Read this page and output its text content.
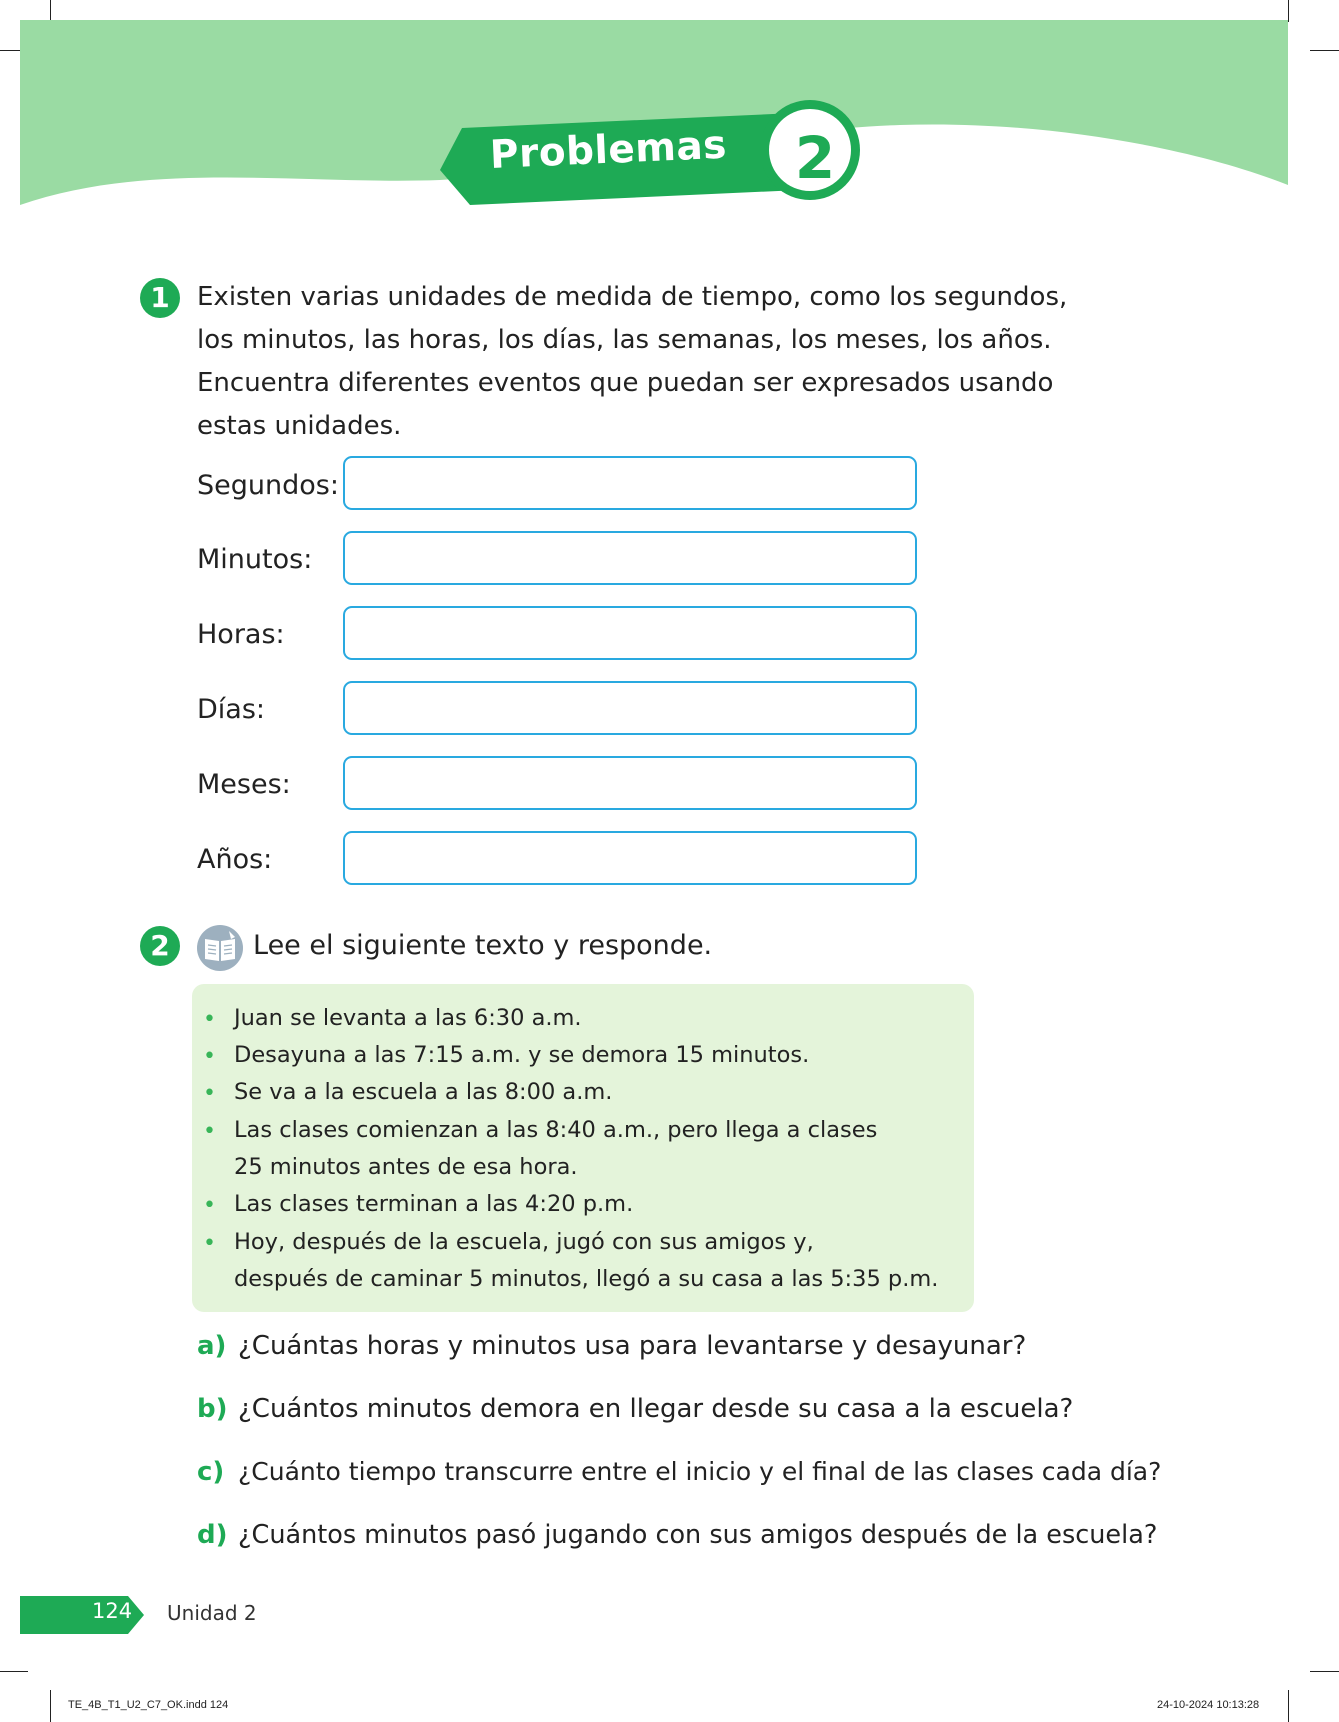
Problemas 2
1	Existen varias unidades de medida de tiempo, como los segundos,
los minutos, las horas, los días, las semanas, los meses, los años.
Encuentra diferentes eventos que puedan ser expresados usando
estas unidades.
Segundos:
Minutos:
Horas:
Días:
Meses:
Años:
2	Lee el siguiente texto y responde.
• Juan se levanta a las 6:30 a.m.
• Desayuna a las 7:15 a.m. y se demora 15 minutos.
• Se va a la escuela a las 8:00 a.m.
• Las clases comienzan a las 8:40 a.m., pero llega a clases
25 minutos antes de esa hora.
• Las clases terminan a las 4:20 p.m.
• Hoy, después de la escuela, jugó con sus amigos y,
después de caminar 5 minutos, llegó a su casa a las 5:35 p.m.
a) ¿Cuántas horas y minutos usa para levantarse y desayunar?
b) ¿Cuántos minutos demora en llegar desde su casa a la escuela?
c) ¿Cuánto tiempo transcurre entre el inicio y el final de las clases cada día?
d) ¿Cuántos minutos pasó jugando con sus amigos después de la escuela?
124 Unidad 2
TE_4B_T1_U2_C7_OK.indd 124	24-10-2024 10:13:28
